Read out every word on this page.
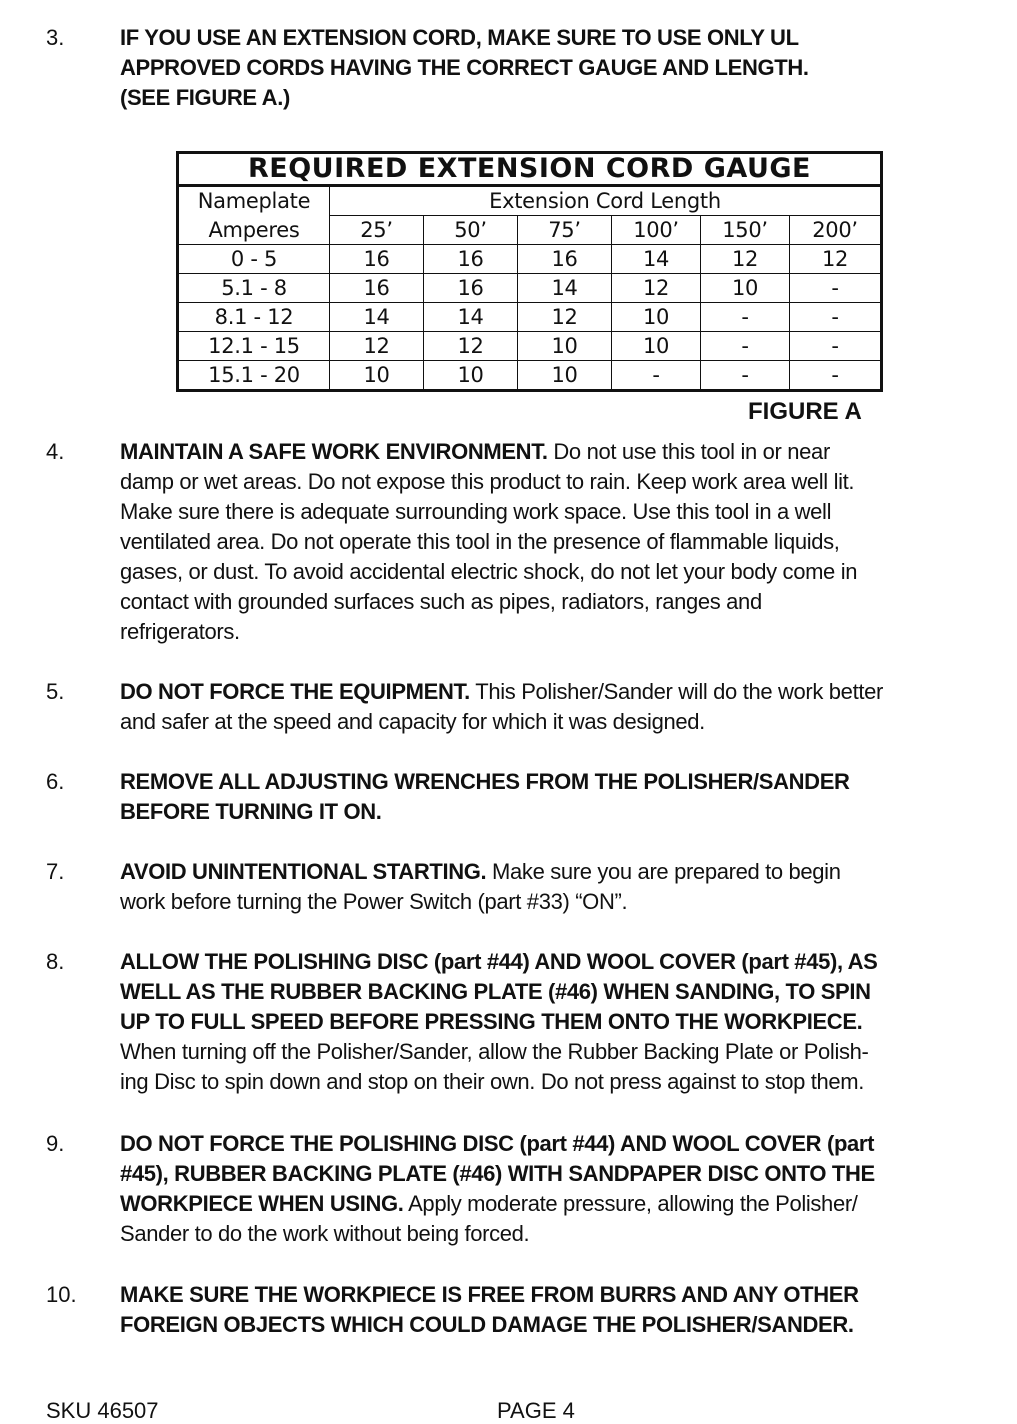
3.	IF YOU USE AN EXTENSION CORD, MAKE SURE TO USE ONLY UL
APPROVED CORDS HAVING THE CORRECT GAUGE AND LENGTH.
(SEE FIGURE A.)
4.	MAINTAIN A SAFE WORK ENVIRONMENT. Do not use this tool in or near
damp or wet areas. Do not expose this product to rain. Keep work area well lit.
Make sure there is adequate surrounding work space. Use this tool in a well
ventilated area. Do not operate this tool in the presence of flammable liquids,
gases, or dust. To avoid accidental electric shock, do not let your body come in
contact with grounded surfaces such as pipes, radiators, ranges and
refrigerators.
5.	DO NOT FORCE THE EQUIPMENT. This Polisher/Sander will do the work better
and safer at the speed and capacity for which it was designed.
6.	REMOVE ALL ADJUSTING WRENCHES FROM THE POLISHER/SANDER
BEFORE TURNING IT ON.
7.	AVOID UNINTENTIONAL STARTING. Make sure you are prepared to begin
work before turning the Power Switch (part #33) “ON”.
8.	ALLOW THE POLISHING DISC (part #44) AND WOOL COVER (part #45), AS
WELL AS THE RUBBER BACKING PLATE (#46) WHEN SANDING, TO SPIN
UP TO FULL SPEED BEFORE PRESSING THEM ONTO THE WORKPIECE.
When turning off the Polisher/Sander, allow the Rubber Backing Plate or Polish-
ing Disc to spin down and stop on their own. Do not press against to stop them.
9.	DO NOT FORCE THE POLISHING DISC (part #44) AND WOOL COVER (part
#45), RUBBER BACKING PLATE (#46) WITH SANDPAPER DISC ONTO THE
WORKPIECE WHEN USING. Apply moderate pressure, allowing the Polisher/
Sander to do the work without being forced.
10. MAKE SURE THE WORKPIECE IS FREE FROM BURRS AND ANY OTHER
FOREIGN OBJECTS WHICH COULD DAMAGE THE POLISHER/SANDER.
REQUIRED EXTENSION CORD GAUGE						
Nameplate	Extension Cord Length					
Amperes	25’	50’	75’	100’	150’	200’
0 - 5	16	16	16	14	12	12
5.1 - 8	16	16	14	12	10	-
8.1 - 12	14	14	12	10	-	-
12.1 - 15	12	12	10	10	-	-
15.1 - 20	10	10	10	-	-	-
FIGURE A
SKU 46507	PAGE 4
